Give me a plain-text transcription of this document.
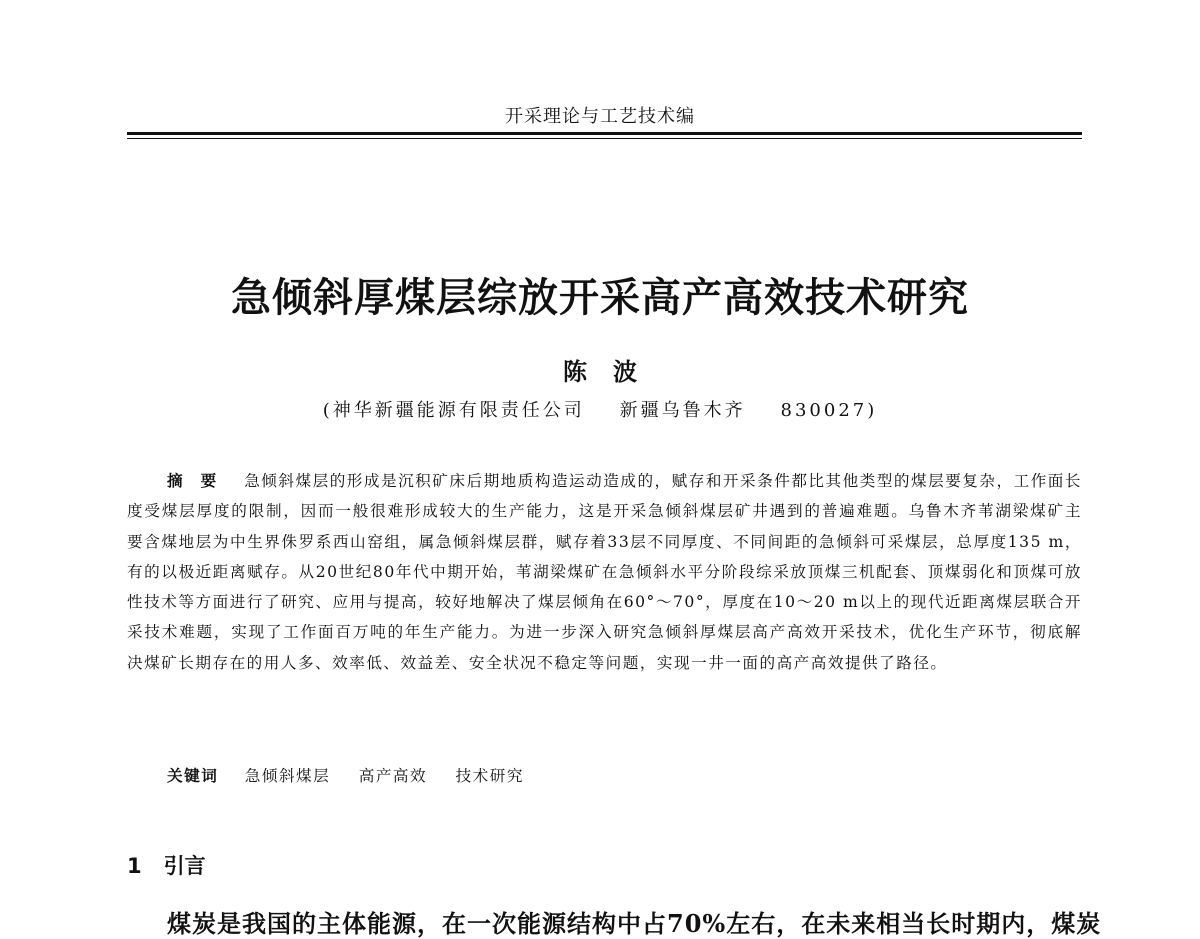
开采理论与工艺技术编
急倾斜厚煤层综放开采高产高效技术研究
陈波
(神华新疆能源有限责任公司    新疆乌鲁木齐    830027)
摘要 急倾斜煤层的形成是沉积矿床后期地质构造运动造成的，赋存和开采条件都比其他类型的煤层要复杂，工作面长度受煤层厚度的限制，因而一般很难形成较大的生产能力，这是开采急倾斜煤层矿井遇到的普遍难题。乌鲁木齐苇湖梁煤矿主要含煤地层为中生界侏罗系西山窑组，属急倾斜煤层群，赋存着33层不同厚度、不同间距的急倾斜可采煤层，总厚度135 m，有的以极近距离赋存。从20世纪80年代中期开始，苇湖梁煤矿在急倾斜水平分阶段综采放顶煤三机配套、顶煤弱化和顶煤可放性技术等方面进行了研究、应用与提高，较好地解决了煤层倾角在60°～70°，厚度在10～20 m以上的现代近距离煤层联合开采技术难题，实现了工作面百万吨的年生产能力。为进一步深入研究急倾斜厚煤层高产高效开采技术，优化生产环节，彻底解决煤矿长期存在的用人多、效率低、效益差、安全状况不稳定等问题，实现一井一面的高产高效提供了路径。
关键词 急倾斜煤层 高产高效 技术研究
1 引言
煤炭是我国的主体能源，在一次能源结构中占70%左右，在未来相当长时期内，煤炭
